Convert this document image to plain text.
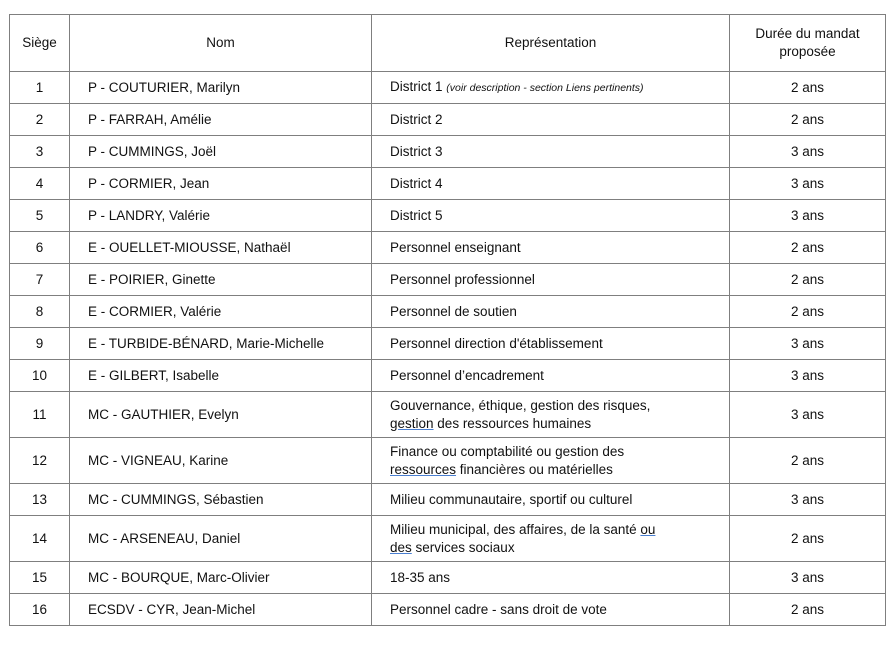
Siège	Nom	Représentation	Durée du mandat proposée
1	P - COUTURIER, Marilyn	District 1 (voir description - section Liens pertinents)	2 ans
2	P - FARRAH, Amélie	District 2	2 ans
3	P - CUMMINGS, Joël	District 3	3 ans
4	P - CORMIER, Jean	District 4	3 ans
5	P - LANDRY, Valérie	District 5	3 ans
6	E - OUELLET-MIOUSSE, Nathaël	Personnel enseignant	2 ans
7	E - POIRIER, Ginette	Personnel professionnel	2 ans
8	E - CORMIER, Valérie	Personnel de soutien	2 ans
9	E - TURBIDE-BÉNARD, Marie-Michelle	Personnel direction d'établissement	3 ans
10	E - GILBERT, Isabelle	Personnel d’encadrement	3 ans
11	MC - GAUTHIER, Evelyn	Gouvernance, éthique, gestion des risques,
gestion des ressources humaines	3 ans
12	MC - VIGNEAU, Karine	Finance ou comptabilité ou gestion des
ressources financières ou matérielles	2 ans
13	MC - CUMMINGS, Sébastien	Milieu communautaire, sportif ou culturel	3 ans
14	MC - ARSENEAU, Daniel	Milieu municipal, des affaires, de la santé ou
des services sociaux	2 ans
15	MC - BOURQUE, Marc-Olivier	18-35 ans	3 ans
16	ECSDV - CYR, Jean-Michel	Personnel cadre - sans droit de vote	2 ans
